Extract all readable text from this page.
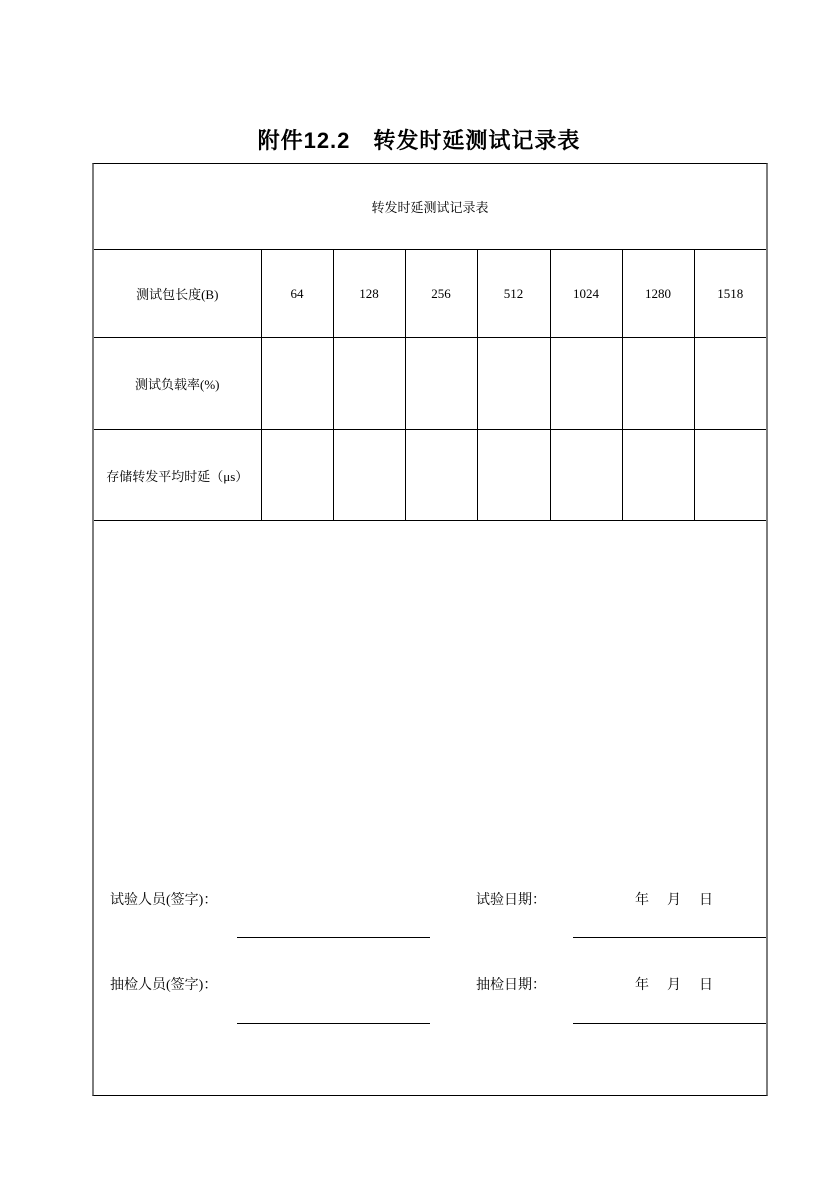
附件12.2　转发时延测试记录表
转发时延测试记录表							
测试包长度(B)	64	128	256	512	1024	1280	1518
测试负载率(%)							
存储转发平均时延（μs）							

试验人员(签字)：	试验日期：	年　月　日
抽检人员(签字)：	抽检日期：	年　月　日
